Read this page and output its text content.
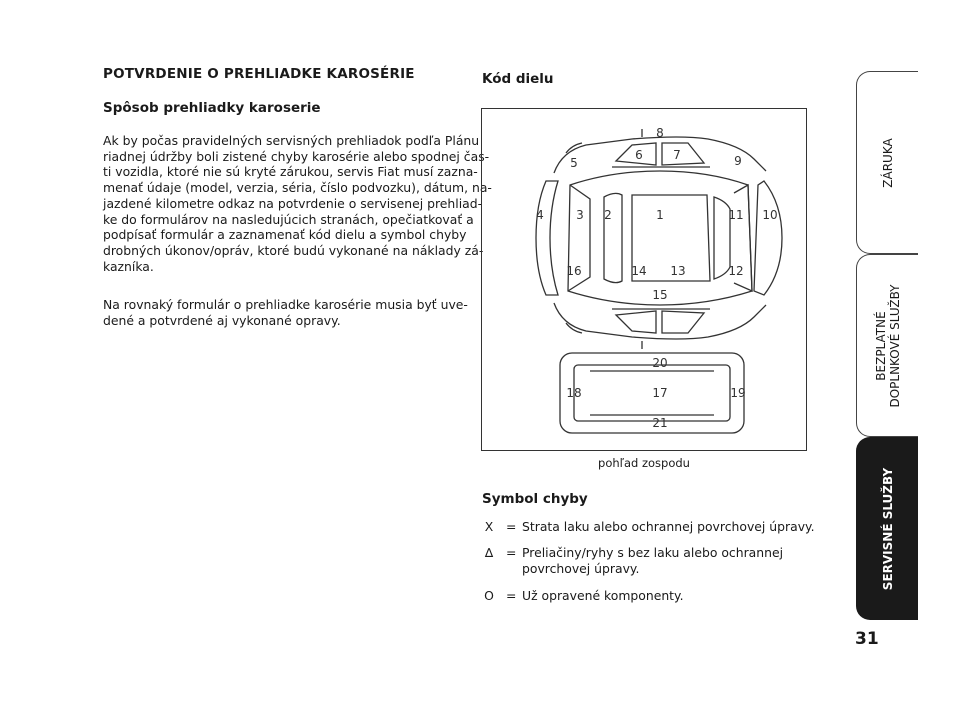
POTVRDENIE O PREHLIADKE KAROSÉRIE
Spôsob prehliadky karoserie
Ak by počas pravidelných servisných prehliadok podľa Plánu
riadnej údržby boli zistené chyby karosérie alebo spodnej čas-
ti vozidla, ktoré nie sú kryté zárukou, servis Fiat musí zazna-
menať údaje (model, verzia, séria, číslo podvozku), dátum, na-
jazdené kilometre odkaz na potvrdenie o servisenej prehliad-
ke do formulárov na nasledujúcich stranách, opečiatkovať a
podpísať formulár a zaznamenať kód dielu a symbol chyby
drobných úkonov/opráv, ktoré budú vykonané na náklady zá-
kazníka.
Na rovnaký formulár o prehliadke karosérie musia byť uve-
dené a potvrdené aj vykonané opravy.
Kód dielu
8
5
6	7	9
4	3 2	1	11 10
16	14 13	12
15
20
18	17	19
21
pohľad zospodu
Symbol chyby
X = Strata laku alebo ochrannej povrchovej úpravy.
∆ = Preliačiny/ryhy s bez laku alebo ochrannej
povrchovej úpravy.
O = Už opravené komponenty.
ZÁRUKA
BEZPLATNÉ DOPLNKOVÉ SLUŽBY
SERVISNÉ SLUŽBY
31
